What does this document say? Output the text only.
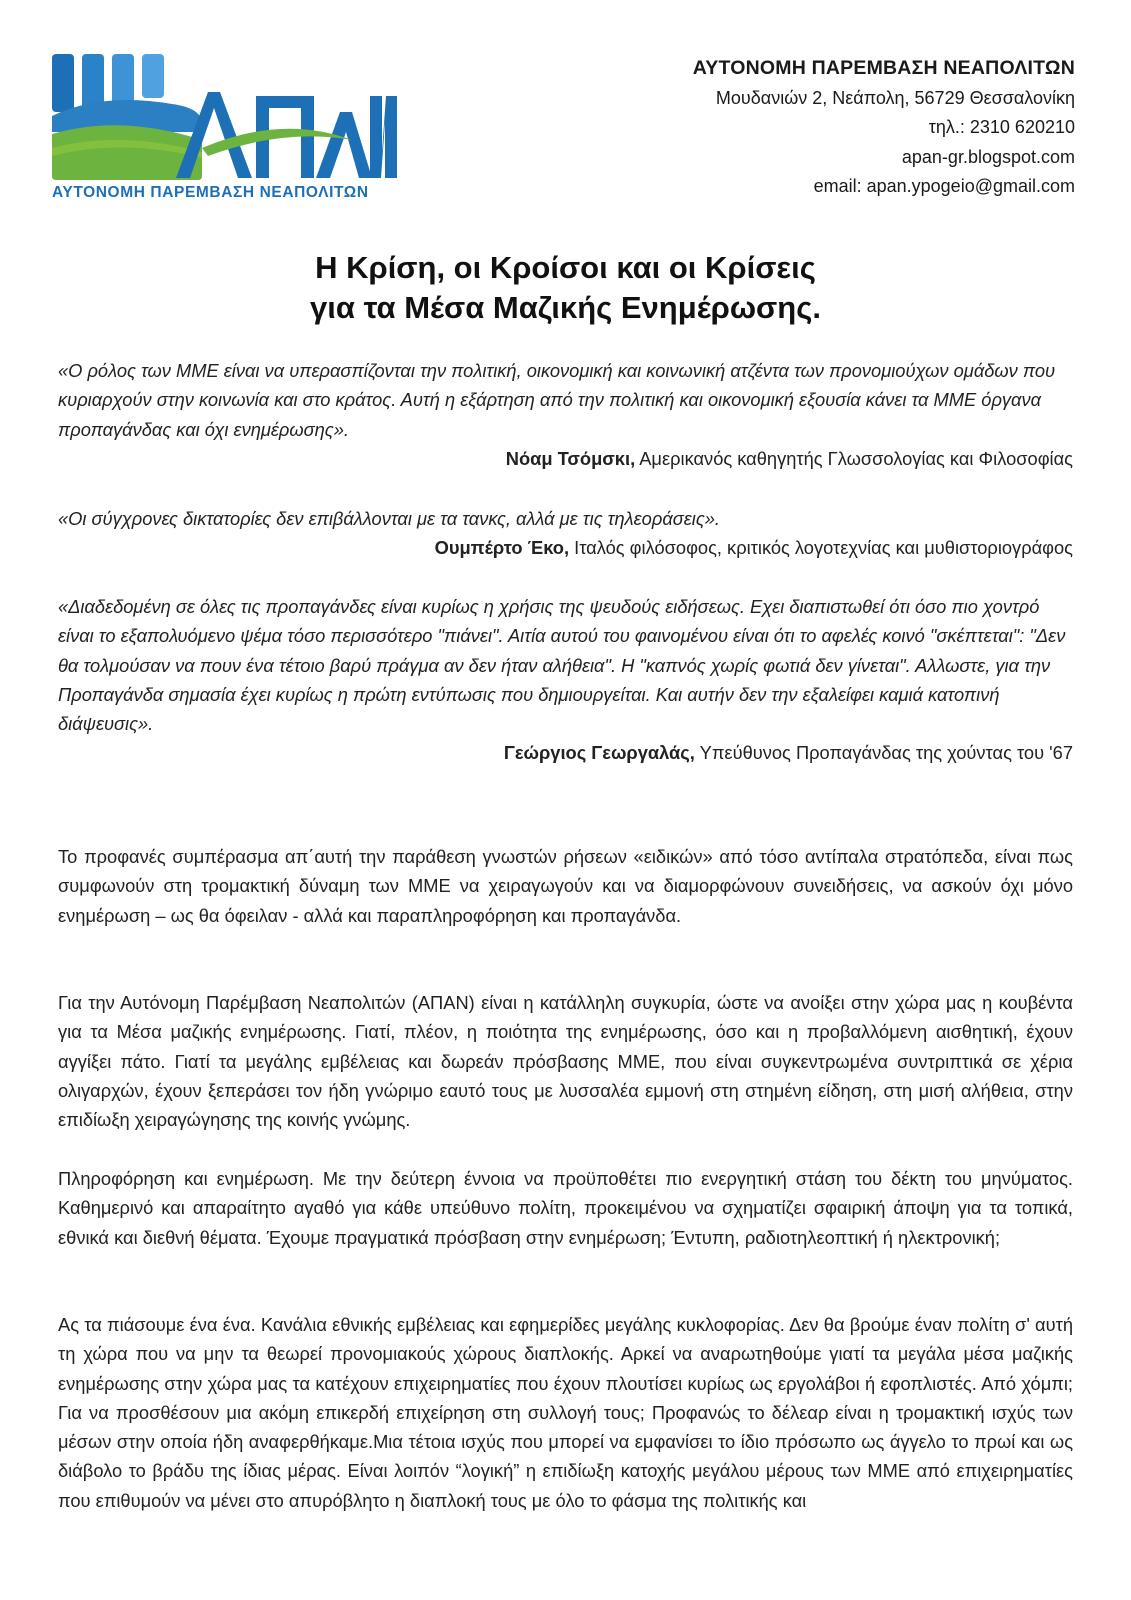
ΑΥΤΟΝΟΜΗ ΠΑΡΕΜΒΑΣΗ ΝΕΑΠΟΛΙΤΩΝ
ΑΥΤΟΝΟΜΗ ΠΑΡΕΜΒΑΣΗ ΝΕΑΠΟΛΙΤΩΝ
Μουδανιών 2, Νεάπολη, 56729 Θεσσαλονίκη
τηλ.: 2310 620210
apan-gr.blogspot.com
email: apan.ypogeio@gmail.com
Η Κρίση, οι Κροίσοι και οι Κρίσεις
για τα Μέσα Μαζικής Ενημέρωσης.
«Ο ρόλος των ΜΜΕ είναι να υπερασπίζονται την πολιτική, οικονομική και κοινωνική ατζέντα των προνομιούχων ομάδων που κυριαρχούν στην κοινωνία και στο κράτος. Αυτή η εξάρτηση από την πολιτική και οικονομική εξουσία κάνει τα ΜΜΕ όργανα προπαγάνδας και όχι ενημέρωσης».
Νόαμ Τσόμσκι, Αμερικανός καθηγητής Γλωσσολογίας και Φιλοσοφίας
«Οι σύγχρονες δικτατορίες δεν επιβάλλονται με τα τανκς, αλλά με τις τηλεοράσεις».
Ουμπέρτο Έκο, Ιταλός φιλόσοφος, κριτικός λογοτεχνίας και μυθιστοριογράφος
«Διαδεδομένη σε όλες τις προπαγάνδες είναι κυρίως η χρήσις της ψευδούς ειδήσεως. Εχει διαπιστωθεί ότι όσο πιο χοντρό είναι το εξαπολυόμενο ψέμα τόσο περισσότερο "πιάνει". Αιτία αυτού του φαινομένου είναι ότι το αφελές κοινό "σκέπτεται": "Δεν θα τολμούσαν να πουν ένα τέτοιο βαρύ πράγμα αν δεν ήταν αλήθεια". Η "καπνός χωρίς φωτιά δεν γίνεται". Αλλωστε, για την Προπαγάνδα σημασία έχει κυρίως η πρώτη εντύπωσις που δημιουργείται. Και αυτήν δεν την εξαλείφει καμιά κατοπινή διάψευσις».
Γεώργιος Γεωργαλάς, Υπεύθυνος Προπαγάνδας της χούντας του '67
Το προφανές συμπέρασμα απ΄αυτή την παράθεση γνωστών ρήσεων «ειδικών» από τόσο αντίπαλα στρατόπεδα, είναι πως συμφωνούν στη τρομακτική δύναμη των ΜΜΕ να χειραγωγούν και να διαμορφώνουν συνειδήσεις, να ασκούν όχι μόνο ενημέρωση – ως θα όφειλαν - αλλά και παραπληροφόρηση και προπαγάνδα.
Για την Αυτόνομη Παρέμβαση Νεαπολιτών (ΑΠΑΝ) είναι η κατάλληλη συγκυρία, ώστε να ανοίξει στην χώρα μας η κουβέντα για τα Μέσα μαζικής ενημέρωσης. Γιατί, πλέον, η ποιότητα της ενημέρωσης, όσο και η προβαλλόμενη αισθητική, έχουν αγγίξει πάτο. Γιατί τα μεγάλης εμβέλειας και δωρεάν πρόσβασης ΜΜΕ, που είναι συγκεντρωμένα συντριπτικά σε χέρια ολιγαρχών, έχουν ξεπεράσει τον ήδη γνώριμο εαυτό τους με λυσσαλέα εμμονή στη στημένη είδηση, στη μισή αλήθεια, στην επιδίωξη χειραγώγησης της κοινής γνώμης.
Πληροφόρηση και ενημέρωση. Με την δεύτερη έννοια να προϋποθέτει πιο ενεργητική στάση του δέκτη του μηνύματος. Καθημερινό και απαραίτητο αγαθό για κάθε υπεύθυνο πολίτη, προκειμένου να σχηματίζει σφαιρική άποψη για τα τοπικά, εθνικά και διεθνή θέματα. Έχουμε πραγματικά πρόσβαση στην ενημέρωση; Έντυπη, ραδιοτηλεοπτική ή ηλεκτρονική;
Ας τα πιάσουμε ένα ένα. Κανάλια εθνικής εμβέλειας και εφημερίδες μεγάλης κυκλοφορίας. Δεν θα βρούμε έναν πολίτη σ' αυτή τη χώρα που να μην τα θεωρεί προνομιακούς χώρους διαπλοκής. Αρκεί να αναρωτηθούμε γιατί τα μεγάλα μέσα μαζικής ενημέρωσης στην χώρα μας τα κατέχουν επιχειρηματίες που έχουν πλουτίσει κυρίως ως εργολάβοι ή εφοπλιστές. Από χόμπι; Για να προσθέσουν μια ακόμη επικερδή επιχείρηση στη συλλογή τους; Προφανώς το δέλεαρ είναι η τρομακτική ισχύς των μέσων στην οποία ήδη αναφερθήκαμε.Μια τέτοια ισχύς που μπορεί να εμφανίσει το ίδιο πρόσωπο ως άγγελο το πρωί και ως διάβολο το βράδυ της ίδιας μέρας. Είναι λοιπόν “λογική” η επιδίωξη κατοχής μεγάλου μέρους των ΜΜΕ από επιχειρηματίες που επιθυμούν να μένει στο απυρόβλητο η διαπλοκή τους με όλο το φάσμα της πολιτικής και
